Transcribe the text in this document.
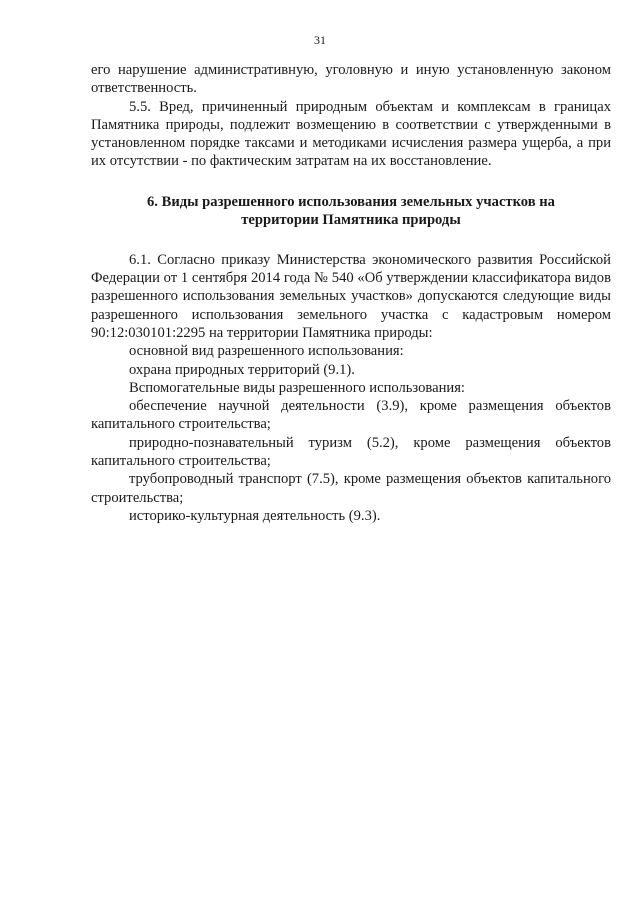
31

его нарушение административную, уголовную и иную установленную законом ответственность.

5.5. Вред, причиненный природным объектам и комплексам в границах Памятника природы, подлежит возмещению в соответствии с утвержденными в установленном порядке таксами и методиками исчисления размера ущерба, а при их отсутствии - по фактическим затратам на их восстановление.

6. Виды разрешенного использования земельных участков на
территории Памятника природы

6.1. Согласно приказу Министерства экономического развития Российской Федерации от 1 сентября 2014 года № 540 «Об утверждении классификатора видов разрешенного использования земельных участков» допускаются следующие виды разрешенного использования земельного участка с кадастровым номером 90:12:030101:2295 на территории Памятника природы:

основной вид разрешенного использования:

охрана природных территорий (9.1).

Вспомогательные виды разрешенного использования:

обеспечение научной деятельности (3.9), кроме размещения объектов капитального строительства;

природно-познавательный туризм (5.2), кроме размещения объектов капитального строительства;

трубопроводный транспорт (7.5), кроме размещения объектов капитального строительства;

историко-культурная деятельность (9.3).
